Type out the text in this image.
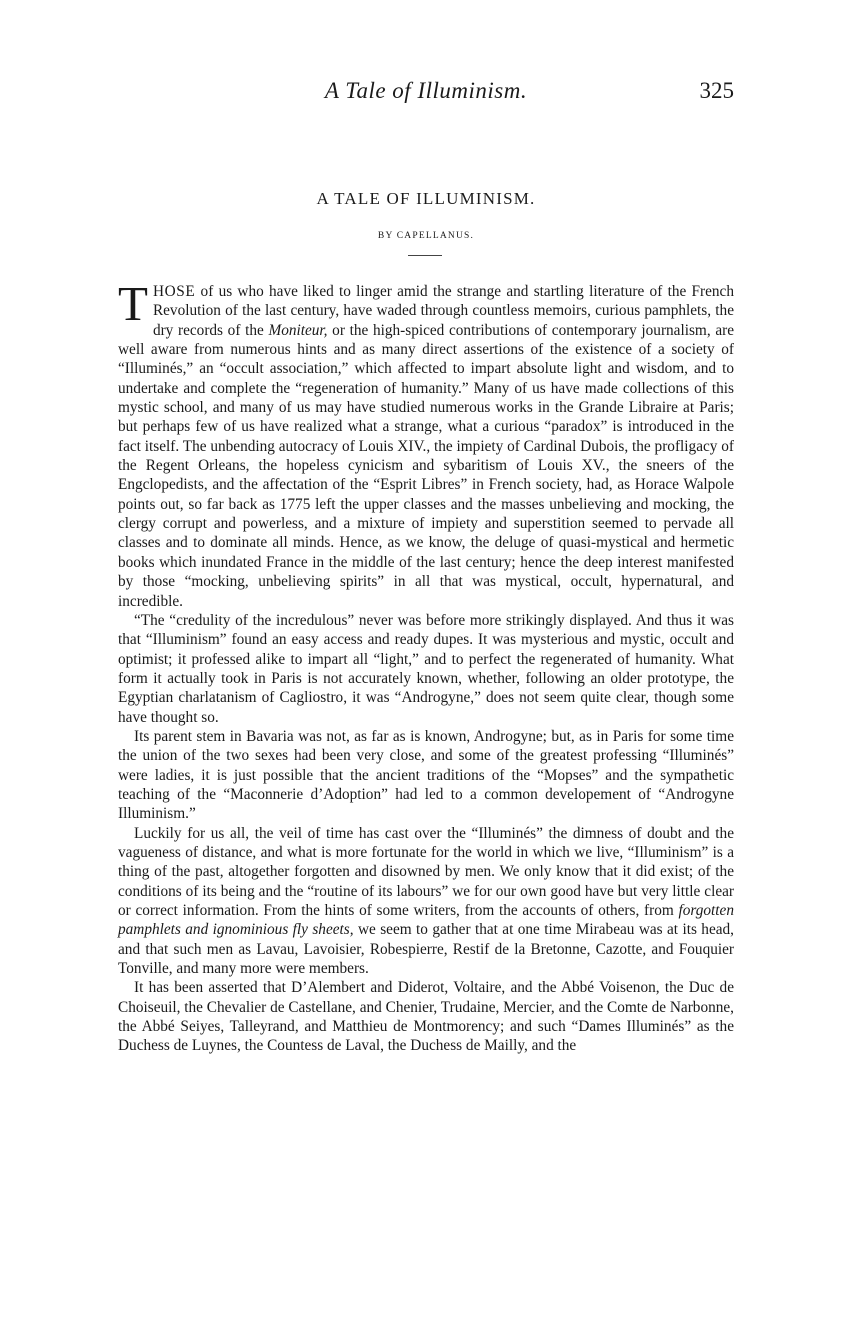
A Tale of Illuminism.	325
A TALE OF ILLUMINISM.
BY CAPELLANUS.

THOSE of us who have liked to linger amid the strange and startling literature of the French Revolution of the last century, have waded through countless memoirs, curious pamphlets, the dry records of the Moniteur, or the high-spiced contributions of contemporary journalism, are well aware from numerous hints and as many direct assertions of the existence of a society of “Illuminés,” an “occult association,” which affected to impart absolute light and wisdom, and to undertake and complete the “regeneration of humanity.” Many of us have made collections of this mystic school, and many of us may have studied numerous works in the Grande Libraire at Paris; but perhaps few of us have realized what a strange, what a curious “paradox” is introduced in the fact itself. The unbending autocracy of Louis XIV., the impiety of Cardinal Dubois, the profligacy of the Regent Orleans, the hopeless cynicism and sybaritism of Louis XV., the sneers of the Engclopedists, and the affectation of the “Esprit Libres” in French society, had, as Horace Walpole points out, so far back as 1775 left the upper classes and the masses unbelieving and mocking, the clergy corrupt and powerless, and a mixture of impiety and superstition seemed to pervade all classes and to dominate all minds. Hence, as we know, the deluge of quasi-mystical and hermetic books which inundated France in the middle of the last century; hence the deep interest manifested by those “mocking, unbelieving spirits” in all that was mystical, occult, hypernatural, and incredible.

“The “credulity of the incredulous” never was before more strikingly displayed. And thus it was that “Illuminism” found an easy access and ready dupes. It was mysterious and mystic, occult and optimist; it professed alike to impart all “light,” and to perfect the regenerated of humanity. What form it actually took in Paris is not accurately known, whether, following an older prototype, the Egyptian charlatanism of Cagliostro, it was “Androgyne,” does not seem quite clear, though some have thought so.

Its parent stem in Bavaria was not, as far as is known, Androgyne; but, as in Paris for some time the union of the two sexes had been very close, and some of the greatest professing “Illuminés” were ladies, it is just possible that the ancient traditions of the “Mopses” and the sympathetic teaching of the “Maconnerie d’Adoption” had led to a common developement of “Androgyne Illuminism.”

Luckily for us all, the veil of time has cast over the “Illuminés” the dimness of doubt and the vagueness of distance, and what is more fortunate for the world in which we live, “Illuminism” is a thing of the past, altogether forgotten and disowned by men. We only know that it did exist; of the conditions of its being and the “routine of its labours” we for our own good have but very little clear or correct information. From the hints of some writers, from the accounts of others, from forgotten pamphlets and ignominious fly sheets, we seem to gather that at one time Mirabeau was at its head, and that such men as Lavau, Lavoisier, Robespierre, Restif de la Bretonne, Cazotte, and Fouquier Tonville, and many more were members.

It has been asserted that D’Alembert and Diderot, Voltaire, and the Abbé Voisenon, the Duc de Choiseuil, the Chevalier de Castellane, and Chenier, Trudaine, Mercier, and the Comte de Narbonne, the Abbé Seiyes, Talleyrand, and Matthieu de Montmorency; and such “Dames Illuminés” as the Duchess de Luynes, the Countess de Laval, the Duchess de Mailly, and the
